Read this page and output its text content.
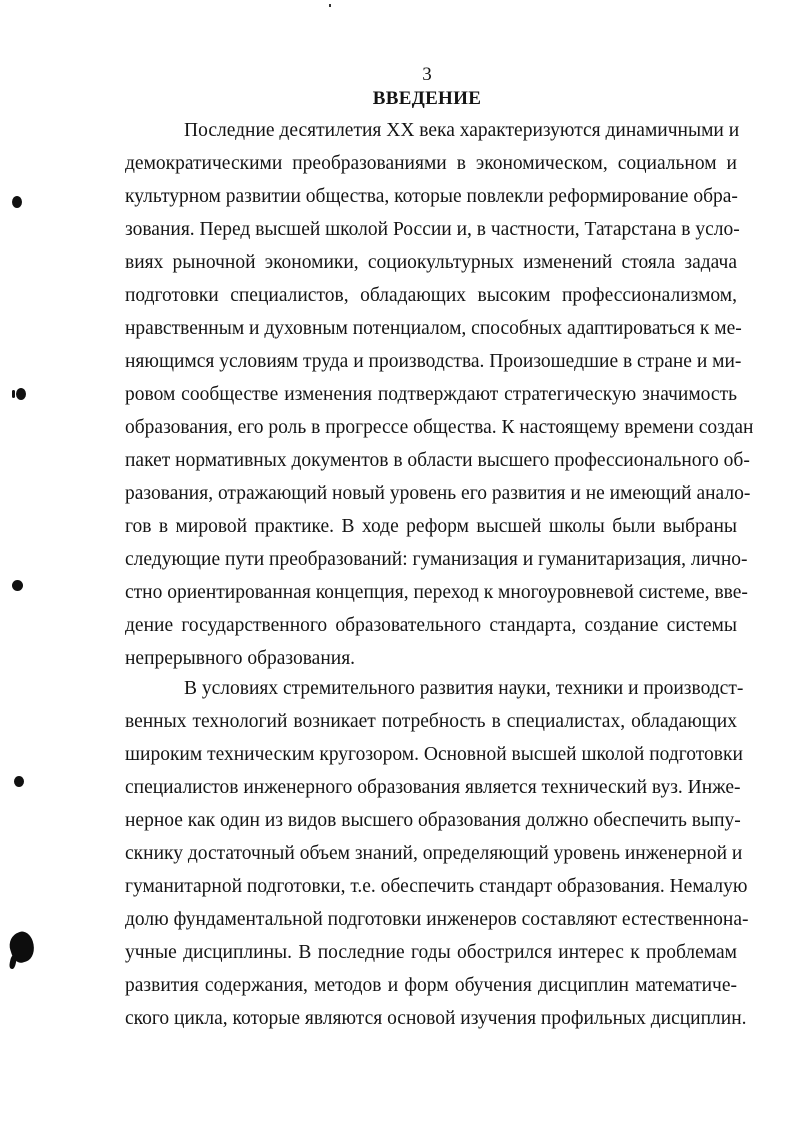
3
ВВЕДЕНИЕ
Последние десятилетия XX века характеризуются динамичными и
демократическими преобразованиями в экономическом, социальном и
культурном развитии общества, которые повлекли реформирование обра-
зования. Перед высшей школой России и, в частности, Татарстана в усло-
виях рыночной экономики, социокультурных изменений стояла задача
подготовки специалистов, обладающих высоким профессионализмом,
нравственным и духовным потенциалом, способных адаптироваться к ме-
няющимся условиям труда и производства. Произошедшие в стране и ми-
ровом сообществе изменения подтверждают стратегическую значимость
образования, его роль в прогрессе общества. К настоящему времени создан
пакет нормативных документов в области высшего профессионального об-
разования, отражающий новый уровень его развития и не имеющий анало-
гов в мировой практике. В ходе реформ высшей школы были выбраны
следующие пути преобразований: гуманизация и гуманитаризация, лично-
стно ориентированная концепция, переход к многоуровневой системе, вве-
дение государственного образовательного стандарта, создание системы
непрерывного образования.
В условиях стремительного развития науки, техники и производст-
венных технологий возникает потребность в специалистах, обладающих
широким техническим кругозором. Основной высшей школой подготовки
специалистов инженерного образования является технический вуз. Инже-
нерное как один из видов высшего образования должно обеспечить выпу-
скнику достаточный объем знаний, определяющий уровень инженерной и
гуманитарной подготовки, т.е. обеспечить стандарт образования. Немалую
долю фундаментальной подготовки инженеров составляют естественнона-
учные дисциплины. В последние годы обострился интерес к проблемам
развития содержания, методов и форм обучения дисциплин математиче-
ского цикла, которые являются основой изучения профильных дисциплин.
